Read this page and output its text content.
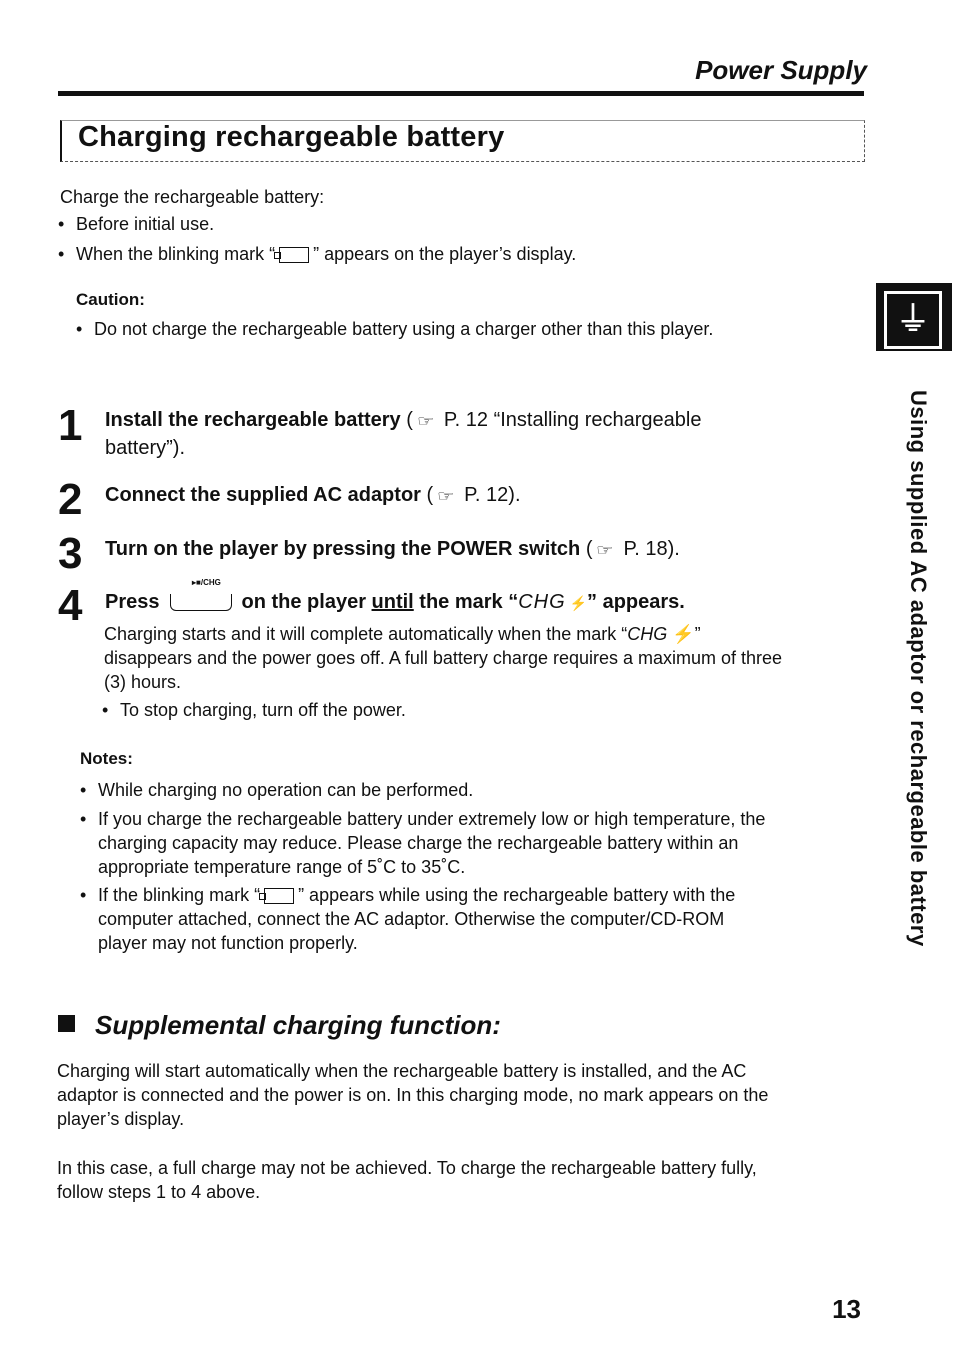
Power Supply
Charging rechargeable battery
Charge the rechargeable battery:
• Before initial use.
• When the blinking mark “ ” appears on the player’s display.
Caution:
• Do not charge the rechargeable battery using a charger other than this player.	⏚
Using supplied AC adaptor or rechargeable battery
1 Install the rechargeable battery ( ☞ P. 12 “Installing rechargeable
battery”).
2 Connect the supplied AC adaptor ( ☞ P. 12).
3 Turn on the player by pressing the POWER switch ( ☞ P. 18).
4	▸■/CHG
Press	on the player until the mark “CHG ⚡” appears.
Charging starts and it will complete automatically when the mark “CHG ⚡”
disappears and the power goes off. A full battery charge requires a maximum of three
(3) hours.
• To stop charging, turn off the power.
Notes:
• While charging no operation can be performed.
• If you charge the rechargeable battery under extremely low or high temperature, the
charging capacity may reduce. Please charge the rechargeable battery within an
appropriate temperature range of 5˚C to 35˚C.
• If the blinking mark “ ” appears while using the rechargeable battery with the
computer attached, connect the AC adaptor. Otherwise the computer/CD-ROM
player may not function properly.
Supplemental charging function:
Charging will start automatically when the rechargeable battery is installed, and the AC
adaptor is connected and the power is on. In this charging mode, no mark appears on the
player’s display.
In this case, a full charge may not be achieved. To charge the rechargeable battery fully,
follow steps 1 to 4 above.
13
